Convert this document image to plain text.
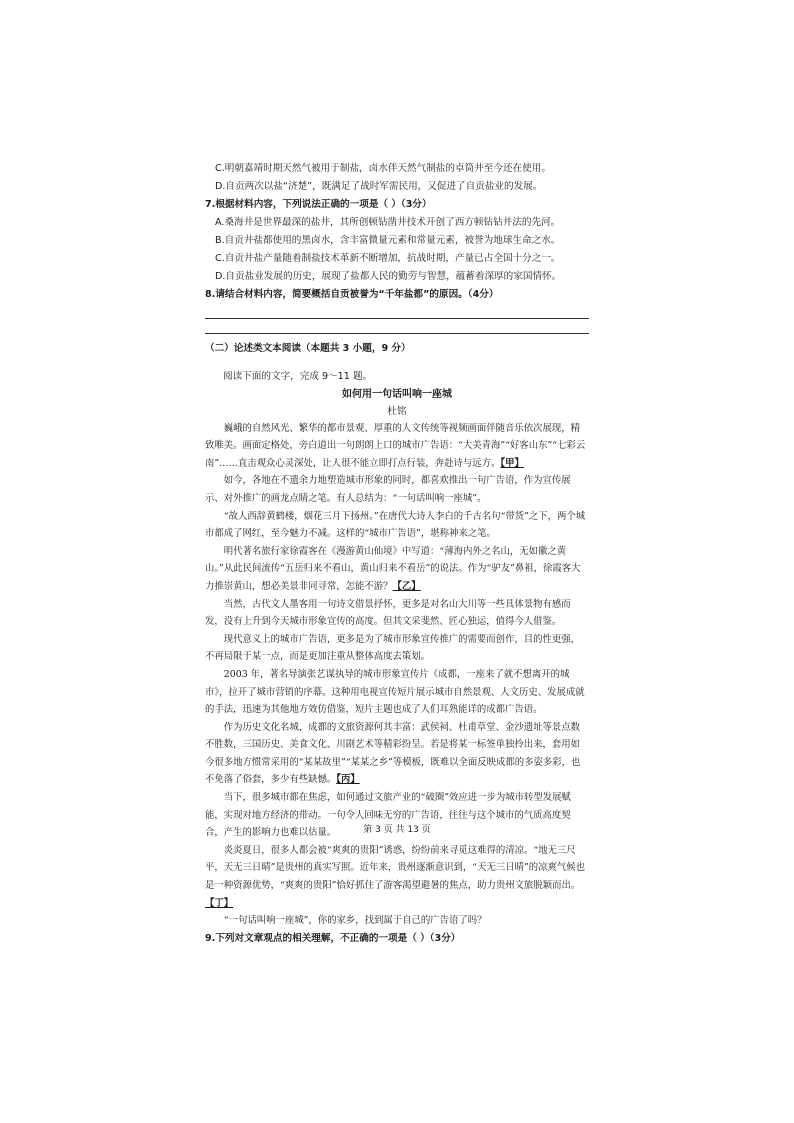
C.明朝嘉靖时期天然气被用于制盐，卤水伴天然气制盐的卓筒井至今还在使用。

D.自贡两次以盐“济楚”，既满足了战时军需民用，又促进了自贡盐业的发展。

7.根据材料内容，下列说法正确的一项是（ ）（3分）

A.桑海井是世界最深的盐井，其所创顿钻凿井技术开创了西方顿钻钻井法的先河。

B.自贡井盐都使用的黑卤水，含丰富微量元素和常量元素，被誉为地球生命之水。

C.自贡井盐产量随着制盐技术革新不断增加，抗战时期，产量已占全国十分之一。

D.自贡盐业发展的历史，展现了盐都人民的勤劳与智慧，蕴蓄着深厚的家国情怀。

8.请结合材料内容，简要概括自贡被誉为“千年盐都”的原因。（4分）

（二）论述类文本阅读（本题共 3 小题，9 分）

阅读下面的文字，完成 9～11 题。

如何用一句话叫响一座城

杜铭

巍峨的自然风光、繁华的都市景观、厚重的人文传统等视频画面伴随音乐依次展现，精致唯美。画面定格处，旁白道出一句朗朗上口的城市广告语：“大美青海”“好客山东”“七彩云南”……直击观众心灵深处，让人很不能立即打点行装，奔赴诗与远方。【甲】

如今，各地在不遗余力地塑造城市形象的同时，都喜欢推出一句广告语，作为宣传展示、对外推广的画龙点睛之笔。有人总结为：“一句话叫响一座城”。

“故人西辞黄鹤楼，烟花三月下扬州。”在唐代大诗人李白的千古名句“带货”之下，两个城市都成了网红，至今魅力不减。这样的“城市广告语”，堪称神来之笔。

明代著名旅行家徐霞客在《漫游黄山仙境》中写道：“薄海内外之名山，无如徽之黄山。”从此民间流传“五岳归来不看山，黄山归来不看岳”的说法。作为“驴友”鼻祖，徐霞客大力推崇黄山，想必美景非同寻常，怎能不游？【乙】

当然，古代文人墨客用一句诗文借景抒怀，更多是对名山大川等一些具体景物有感而发，没有上升到今天城市形象宣传的高度。但其文采斐然、匠心独运，值得今人借鉴。

现代意义上的城市广告语，更多是为了城市形象宣传推广的需要而创作，目的性更强，不再局限于某一点，而是更加注重从整体高度去策划。

2003 年，著名导演张艺谋执导的城市形象宣传片《成都，一座来了就不想离开的城市》，拉开了城市营销的序幕。这种用电视宣传短片展示城市自然景观、人文历史、发展成就的手法，迅速为其他地方效仿借鉴，短片主题也成了人们耳熟能详的成都广告语。

作为历史文化名城，成都的文旅资源何其丰富：武侯祠、杜甫草堂、金沙遗址等景点数不胜数，三国历史、美食文化、川剧艺术等精彩纷呈。若是将某一标签单独拎出来，套用如今很多地方惯常采用的“某某故里”“某某之乡”等模板，既难以全面反映成都的多姿多彩，也不免落了俗套，多少有些缺憾。【丙】

当下，很多城市都在焦虑，如何通过文旅产业的“破圈”效应进一步为城市转型发展赋能，实现对地方经济的带动。一句令人回味无穷的广告语，往往与这个城市的气质高度契合，产生的影响力也难以估量。

炎炎夏日，很多人都会被“爽爽的贵阳”诱惑，纷纷前来寻觅这难得的清凉。“地无三尺平，天无三日晴”是贵州的真实写照。近年来，贵州逐渐意识到，“天无三日晴”的凉爽气候也是一种资源优势，“爽爽的贵阳”恰好抓住了游客渴望避暑的焦点，助力贵州文旅脱颖而出。【丁】

“一句话叫响一座城”，你的家乡，找到属于自己的广告语了吗？

9.下列对文章观点的相关理解，不正确的一项是（ ）（3分）

第 3 页 共 13 页
